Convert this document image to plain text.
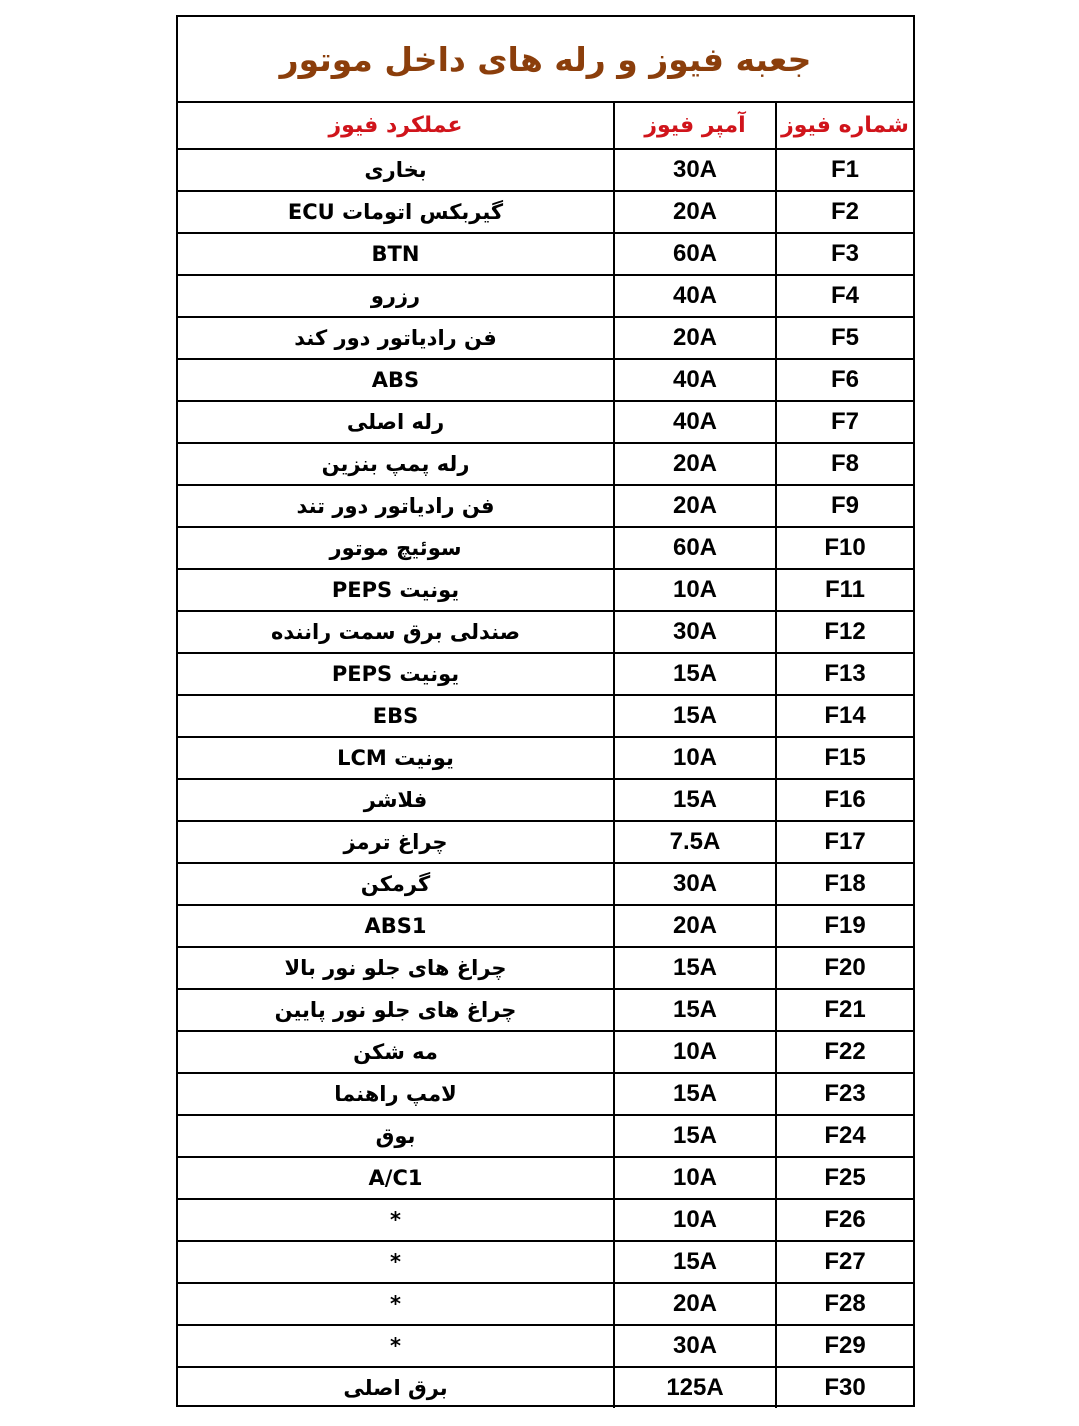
جعبه فیوز و رله های داخل موتور
عملکرد فیوز	آمپر فیوز	شماره فیوز
بخاری	30A	F1
گیربکس اتومات ECU	20A	F2
BTN	60A	F3
رزرو	40A	F4
فن رادیاتور دور کند	20A	F5
ABS	40A	F6
رله اصلی	40A	F7
رله پمپ بنزین	20A	F8
فن رادیاتور دور تند	20A	F9
سوئیچ موتور	60A	F10
یونیت PEPS	10A	F11
صندلی برق سمت راننده	30A	F12
یونیت PEPS	15A	F13
EBS	15A	F14
یونیت LCM	10A	F15
فلاشر	15A	F16
چراغ ترمز	7.5A	F17
گرمکن	30A	F18
ABS1	20A	F19
چراغ های جلو نور بالا	15A	F20
چراغ های جلو نور پایین	15A	F21
مه شکن	10A	F22
لامپ راهنما	15A	F23
بوق	15A	F24
A/C1	10A	F25
*	10A	F26
*	15A	F27
*	20A	F28
*	30A	F29
برق اصلی	125A	F30
